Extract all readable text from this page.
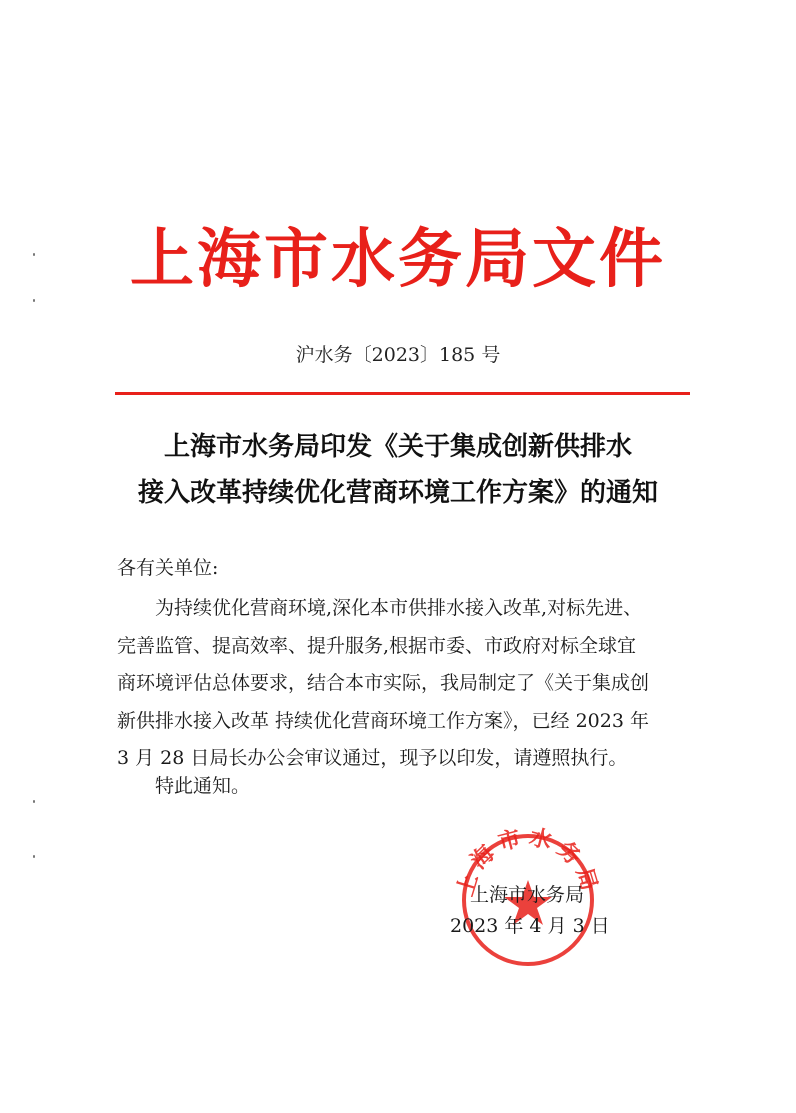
上海市水务局文件
沪水务〔2023〕185 号
上海市水务局印发《关于集成创新供排水
接入改革持续优化营商环境工作方案》的通知
各有关单位:
为持续优化营商环境,深化本市供排水接入改革,对标先进、
完善监管、提高效率、提升服务,根据市委、市政府对标全球宜
商环境评估总体要求，结合本市实际，我局制定了《关于集成创
新供排水接入改革 持续优化营商环境工作方案》，已经 2023 年
3 月 28 日局长办公会审议通过，现予以印发，请遵照执行。
特此通知。
上海市水务局
上海市水务局
2023 年 4 月 3 日
